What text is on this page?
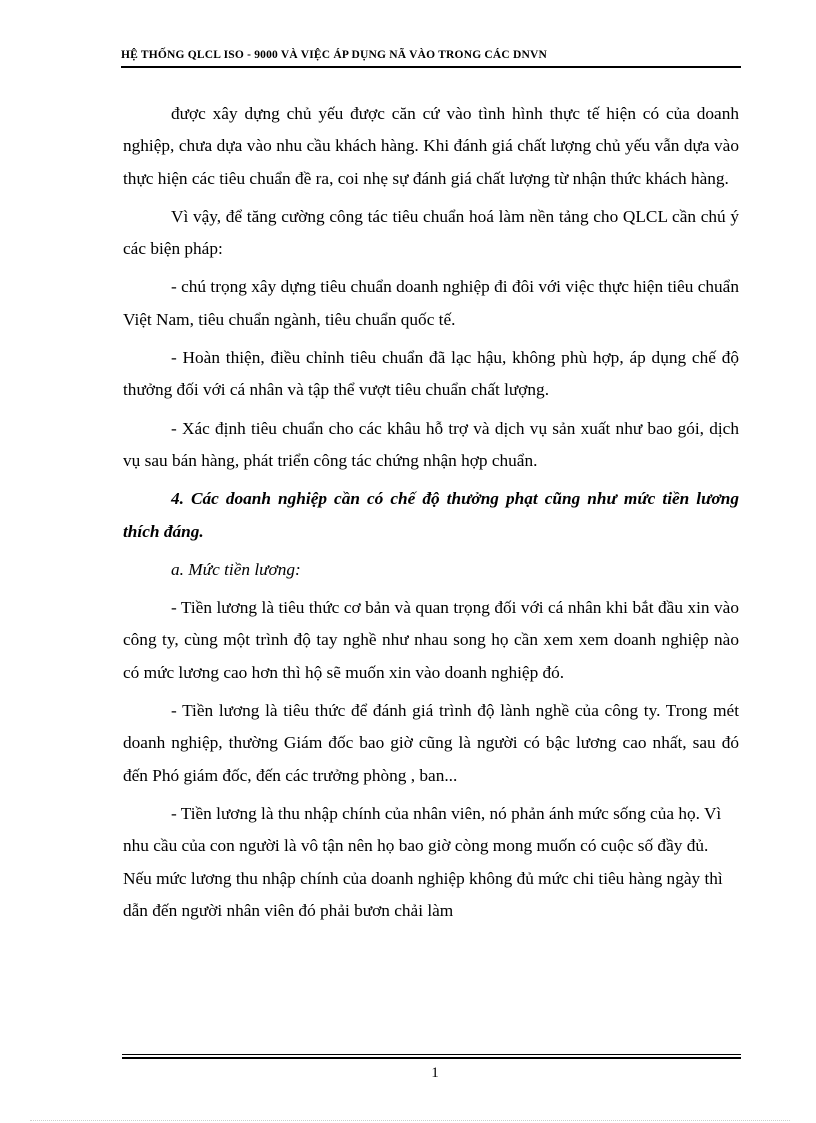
HỆ THỐNG QLCL ISO - 9000 VÀ VIỆC ÁP DỤNG NÃ VÀO TRONG CÁC DNVN

được xây dựng chủ yếu được căn cứ vào tình hình thực tế hiện có của doanh nghiệp, chưa dựa vào nhu cầu khách hàng. Khi đánh giá chất lượng chủ yếu vẫn dựa vào thực hiện các tiêu chuẩn đề ra, coi nhẹ sự đánh giá chất lượng từ nhận thức khách hàng.

Vì vậy, để tăng cường công tác tiêu chuẩn hoá làm nền tảng cho QLCL cần chú ý các biện pháp:

- chú trọng xây dựng tiêu chuẩn doanh nghiệp đi đôi với việc thực hiện tiêu chuẩn Việt Nam, tiêu chuẩn ngành, tiêu chuẩn quốc tế.

- Hoàn thiện, điều chỉnh tiêu chuẩn đã lạc hậu, không phù hợp, áp dụng chế độ thưởng đối với cá nhân và tập thể vượt tiêu chuẩn chất lượng.

- Xác định tiêu chuẩn cho các khâu hỗ trợ và dịch vụ sản xuất như bao gói, dịch vụ sau bán hàng, phát triển công tác chứng nhận hợp chuẩn.

4. Các doanh nghiệp cần có chế độ thưởng phạt cũng như mức tiền lương thích đáng.

a. Mức tiền lương:

- Tiền lương là tiêu thức cơ bản và quan trọng đối với cá nhân khi bắt đầu xin vào công ty, cùng một trình độ tay nghề như nhau song họ cần xem xem doanh nghiệp nào có mức lương cao hơn thì hộ sẽ muốn xin vào doanh nghiệp đó.

- Tiền lương là tiêu thức để đánh giá trình độ lành nghề của công ty. Trong mét doanh nghiệp, thường Giám đốc bao giờ cũng là người có bậc lương cao nhất, sau đó đến Phó giám đốc, đến các trưởng phòng , ban...

- Tiền lương là thu nhập chính của nhân viên, nó phản ánh mức sống của họ. Vì nhu cầu của con người là vô tận nên họ bao giờ còng mong muốn có cuộc số đầy đủ. Nếu mức lương thu nhập chính của doanh nghiệp không đủ mức chi tiêu hàng ngày thì dẫn đến người nhân viên đó phải bươn chải làm

1
